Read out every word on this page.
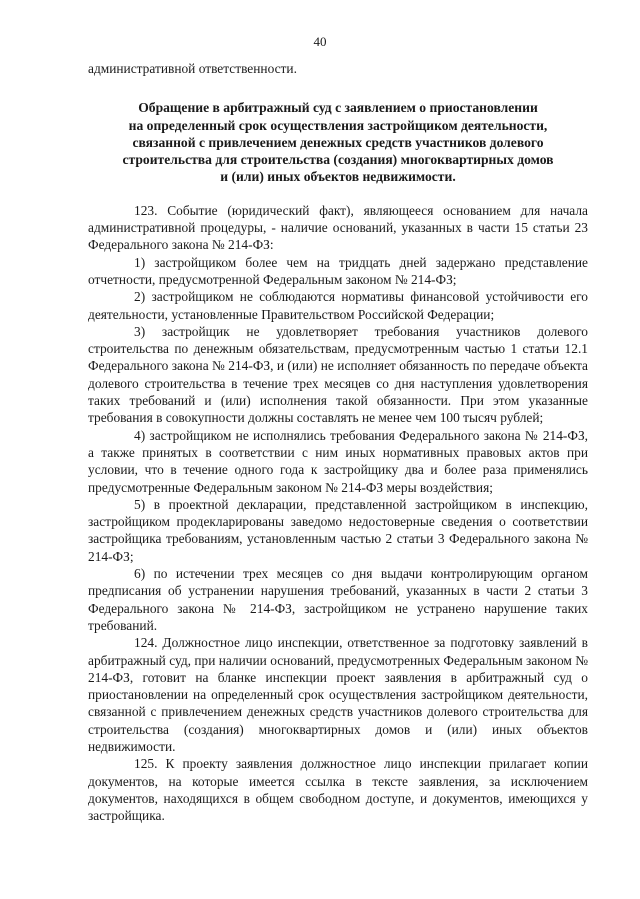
40

административной ответственности.

Обращение в арбитражный суд с заявлением о приостановлении
на определенный срок осуществления застройщиком деятельности,
связанной с привлечением денежных средств участников долевого
строительства для строительства (создания) многоквартирных домов
и (или) иных объектов недвижимости.

123. Событие (юридический факт), являющееся основанием для начала административной процедуры, - наличие оснований, указанных в части 15 статьи 23 Федерального закона № 214-ФЗ:

1) застройщиком более чем на тридцать дней задержано представление отчетности, предусмотренной Федеральным законом № 214-ФЗ;

2) застройщиком не соблюдаются нормативы финансовой устойчивости его деятельности, установленные Правительством Российской Федерации;

3) застройщик не удовлетворяет требования участников долевого строительства по денежным обязательствам, предусмотренным частью 1 статьи 12.1 Федерального закона № 214-ФЗ, и (или) не исполняет обязанность по передаче объекта долевого строительства в течение трех месяцев со дня наступления удовлетворения таких требований и (или) исполнения такой обязанности. При этом указанные требования в совокупности должны составлять не менее чем 100 тысяч рублей;

4) застройщиком не исполнялись требования Федерального закона № 214-ФЗ, а также принятых в соответствии с ним иных нормативных правовых актов при условии, что в течение одного года к застройщику два и более раза применялись предусмотренные Федеральным законом № 214-ФЗ меры воздействия;

5) в проектной декларации, представленной застройщиком в инспекцию, застройщиком продекларированы заведомо недостоверные сведения о соответствии застройщика требованиям, установленным частью 2 статьи 3 Федерального закона № 214-ФЗ;

6) по истечении трех месяцев со дня выдачи контролирующим органом предписания об устранении нарушения требований, указанных в части 2 статьи 3 Федерального закона № 214-ФЗ, застройщиком не устранено нарушение таких требований.

124. Должностное лицо инспекции, ответственное за подготовку заявлений в арбитражный суд, при наличии оснований, предусмотренных Федеральным законом № 214-ФЗ, готовит на бланке инспекции проект заявления в арбитражный суд о приостановлении на определенный срок осуществления застройщиком деятельности, связанной с привлечением денежных средств участников долевого строительства для строительства (создания) многоквартирных домов и (или) иных объектов недвижимости.

125. К проекту заявления должностное лицо инспекции прилагает копии документов, на которые имеется ссылка в тексте заявления, за исключением документов, находящихся в общем свободном доступе, и документов, имеющихся у застройщика.
